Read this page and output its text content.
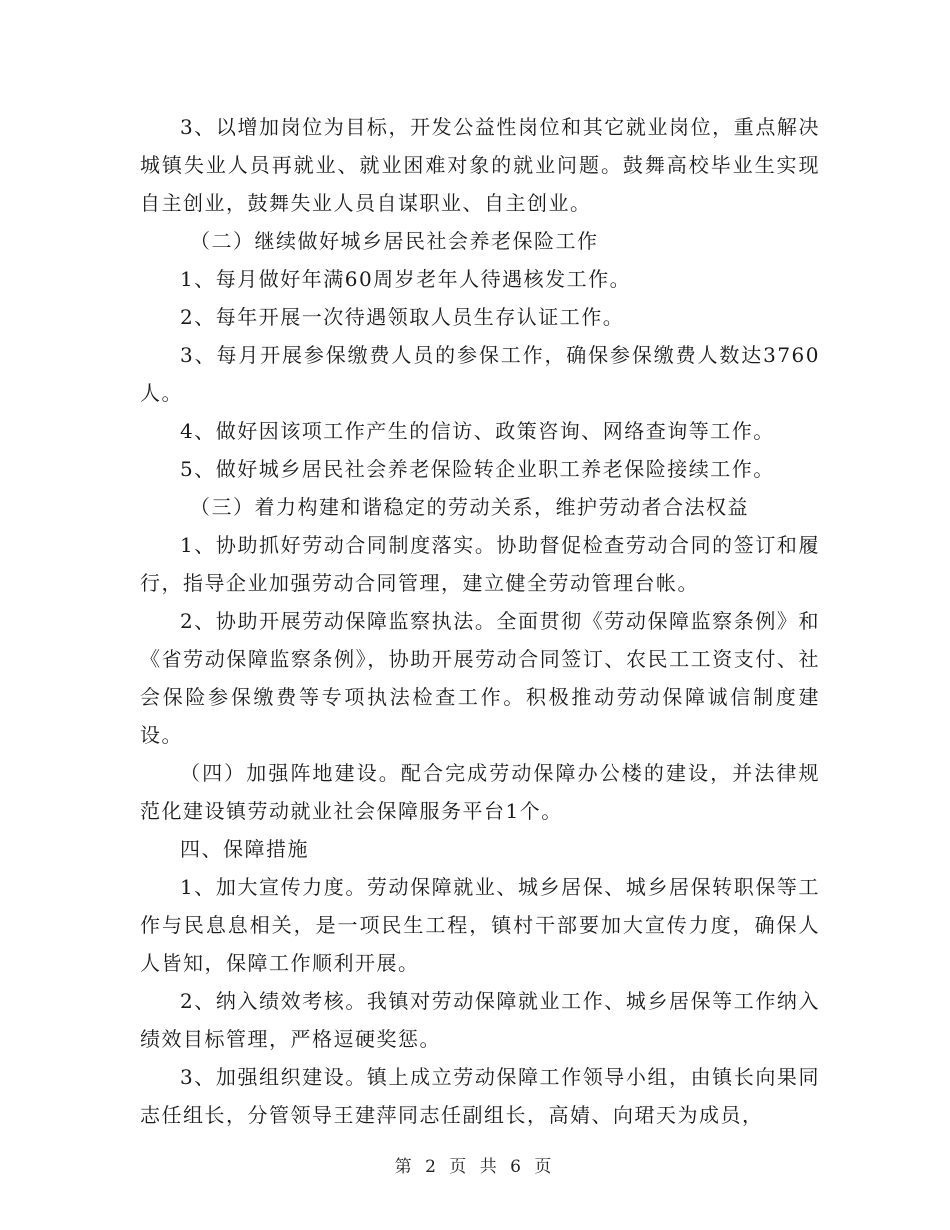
3、以增加岗位为目标，开发公益性岗位和其它就业岗位，重点解决城镇失业人员再就业、就业困难对象的就业问题。鼓舞高校毕业生实现自主创业，鼓舞失业人员自谋职业、自主创业。

（二）继续做好城乡居民社会养老保险工作

1、每月做好年满60周岁老年人待遇核发工作。

2、每年开展一次待遇领取人员生存认证工作。

3、每月开展参保缴费人员的参保工作，确保参保缴费人数达3760人。

4、做好因该项工作产生的信访、政策咨询、网络查询等工作。

5、做好城乡居民社会养老保险转企业职工养老保险接续工作。

（三）着力构建和谐稳定的劳动关系，维护劳动者合法权益

1、协助抓好劳动合同制度落实。协助督促检查劳动合同的签订和履行，指导企业加强劳动合同管理，建立健全劳动管理台帐。

2、协助开展劳动保障监察执法。全面贯彻《劳动保障监察条例》和《省劳动保障监察条例》，协助开展劳动合同签订、农民工工资支付、社会保险参保缴费等专项执法检查工作。积极推动劳动保障诚信制度建设。

（四）加强阵地建设。配合完成劳动保障办公楼的建设，并法律规范化建设镇劳动就业社会保障服务平台1个。

四、保障措施

1、加大宣传力度。劳动保障就业、城乡居保、城乡居保转职保等工作与民息息相关，是一项民生工程，镇村干部要加大宣传力度，确保人人皆知，保障工作顺利开展。

2、纳入绩效考核。我镇对劳动保障就业工作、城乡居保等工作纳入绩效目标管理，严格逗硬奖惩。

3、加强组织建设。镇上成立劳动保障工作领导小组，由镇长向果同志任组长，分管领导王建萍同志任副组长，高婧、向珺天为成员，

第 2 页 共 6 页
